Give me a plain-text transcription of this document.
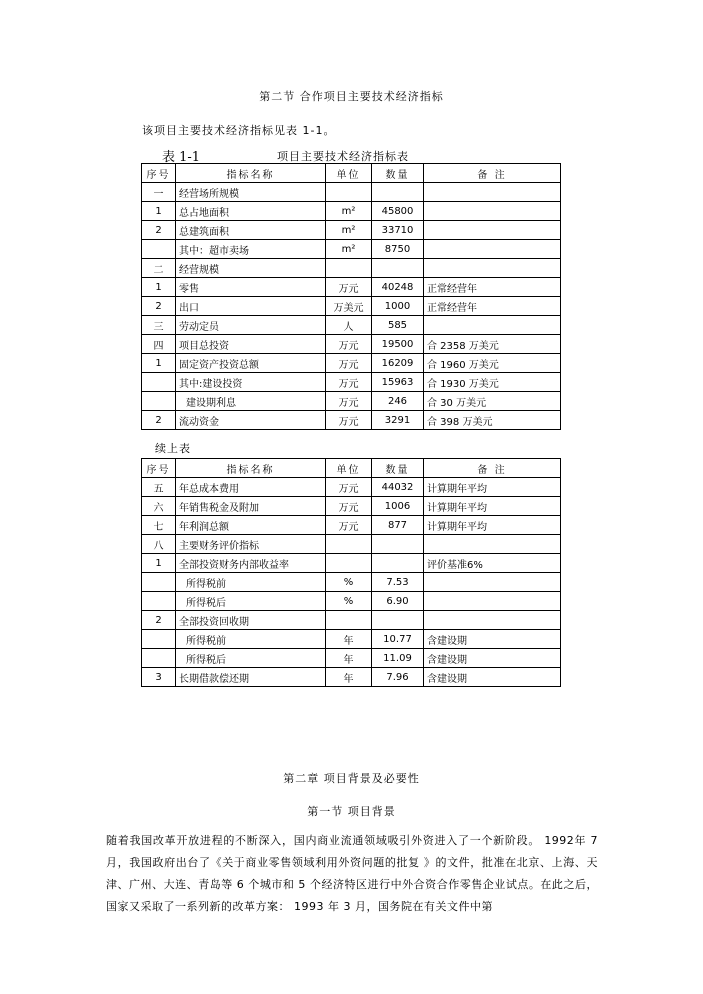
第二节 合作项目主要技术经济指标
该项目主要技术经济指标见表 1-1。
表 1-1	项目主要技术经济指标表
序号	指标名称	单位	数量	备 注
一	经营场所规模			
1	总占地面积	m²	45800	
2	总建筑面积	m²	33710	
	其中：超市卖场	m²	8750	
二	经营规模			
1	零售	万元	40248	正常经营年
2	出口	万美元	1000	正常经营年
三	劳动定员	人	585	
四	项目总投资	万元	19500	合 2358 万美元
1	固定资产投资总额	万元	16209	合 1960 万美元
	其中:建设投资	万元	15963	合 1930 万美元
	建设期利息	万元	246	合 30 万美元
2	流动资金	万元	3291	合 398 万美元
续上表
序号	指标名称	单位	数量	备 注
五	年总成本费用	万元	44032	计算期年平均
六	年销售税金及附加	万元	1006	计算期年平均
七	年利润总额	万元	877	计算期年平均
八	主要财务评价指标			
1	全部投资财务内部收益率			评价基准6%
	所得税前	%	7.53	
	所得税后	%	6.90	
2	全部投资回收期			
	所得税前	年	10.77	含建设期
	所得税后	年	11.09	含建设期
3	长期借款偿还期	年	7.96	含建设期
第二章 项目背景及必要性
第一节 项目背景
随着我国改革开放进程的不断深入，国内商业流通领域吸引外资进入了一个新阶段。 1992年 7 月，我国政府出台了《关于商业零售领域利用外资问题的批复 》的文件，批准在北京、上海、天津、广州、大连、青岛等 6 个城市和 5 个经济特区进行中外合资合作零售企业试点。在此之后，国家又采取了一系列新的改革方案： 1993 年 3 月，国务院在有关文件中第
